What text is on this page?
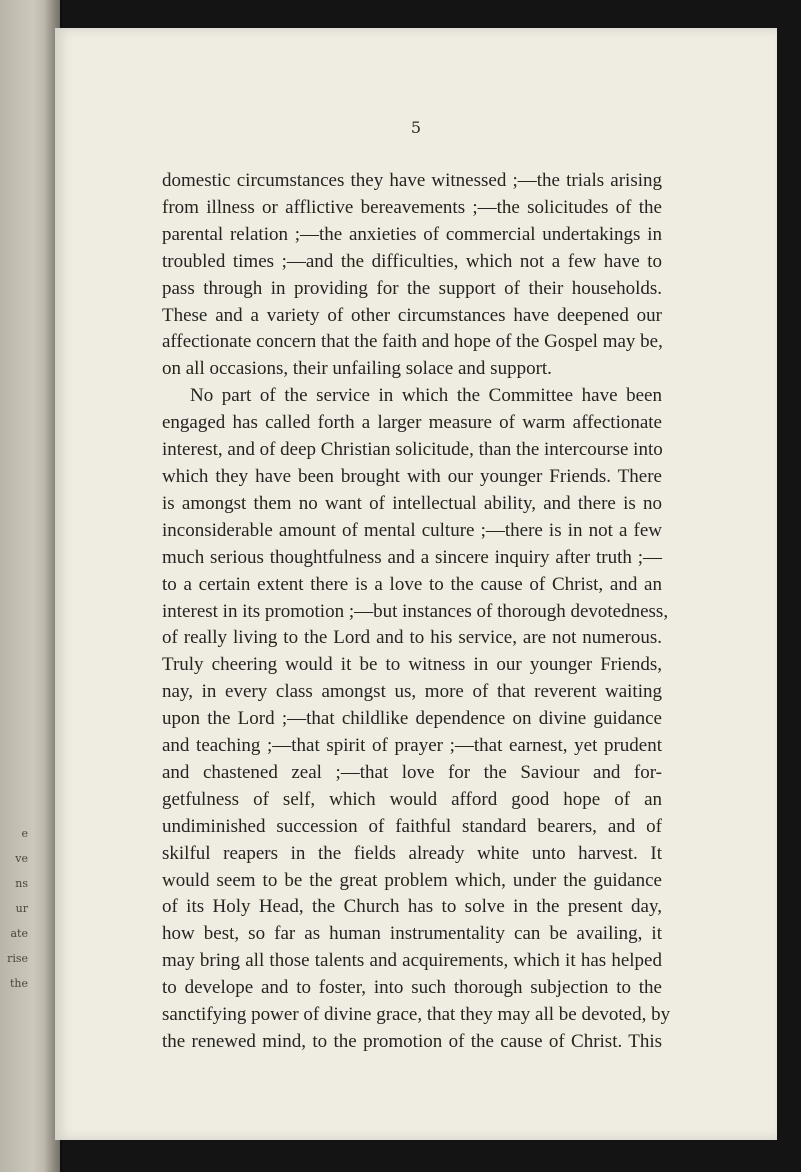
e
ve
ns
ur
ate
rise
the
5
domestic circumstances they have witnessed ;—the trials arising
from illness or afflictive bereavements ;—the solicitudes of the
parental relation ;—the anxieties of commercial undertakings in
troubled times ;—and the difficulties, which not a few have to
pass through in providing for the support of their households.
These and a variety of other circumstances have deepened our
affectionate concern that the faith and hope of the Gospel may be,
on all occasions, their unfailing solace and support.
No part of the service in which the Committee have been
engaged has called forth a larger measure of warm affectionate
interest, and of deep Christian solicitude, than the intercourse into
which they have been brought with our younger Friends. There
is amongst them no want of intellectual ability, and there is no
inconsiderable amount of mental culture ;—there is in not a few
much serious thoughtfulness and a sincere inquiry after truth ;—
to a certain extent there is a love to the cause of Christ, and an
interest in its promotion ;—but instances of thorough devotedness,
of really living to the Lord and to his service, are not numerous.
Truly cheering would it be to witness in our younger Friends,
nay, in every class amongst us, more of that reverent waiting
upon the Lord ;—that childlike dependence on divine guidance
and teaching ;—that spirit of prayer ;—that earnest, yet prudent
and chastened zeal ;—that love for the Saviour and for-
getfulness of self, which would afford good hope of an
undiminished succession of faithful standard bearers, and of
skilful reapers in the fields already white unto harvest. It
would seem to be the great problem which, under the guidance
of its Holy Head, the Church has to solve in the present day,
how best, so far as human instrumentality can be availing, it
may bring all those talents and acquirements, which it has helped
to develope and to foster, into such thorough subjection to the
sanctifying power of divine grace, that they may all be devoted, by
the renewed mind, to the promotion of the cause of Christ. This
